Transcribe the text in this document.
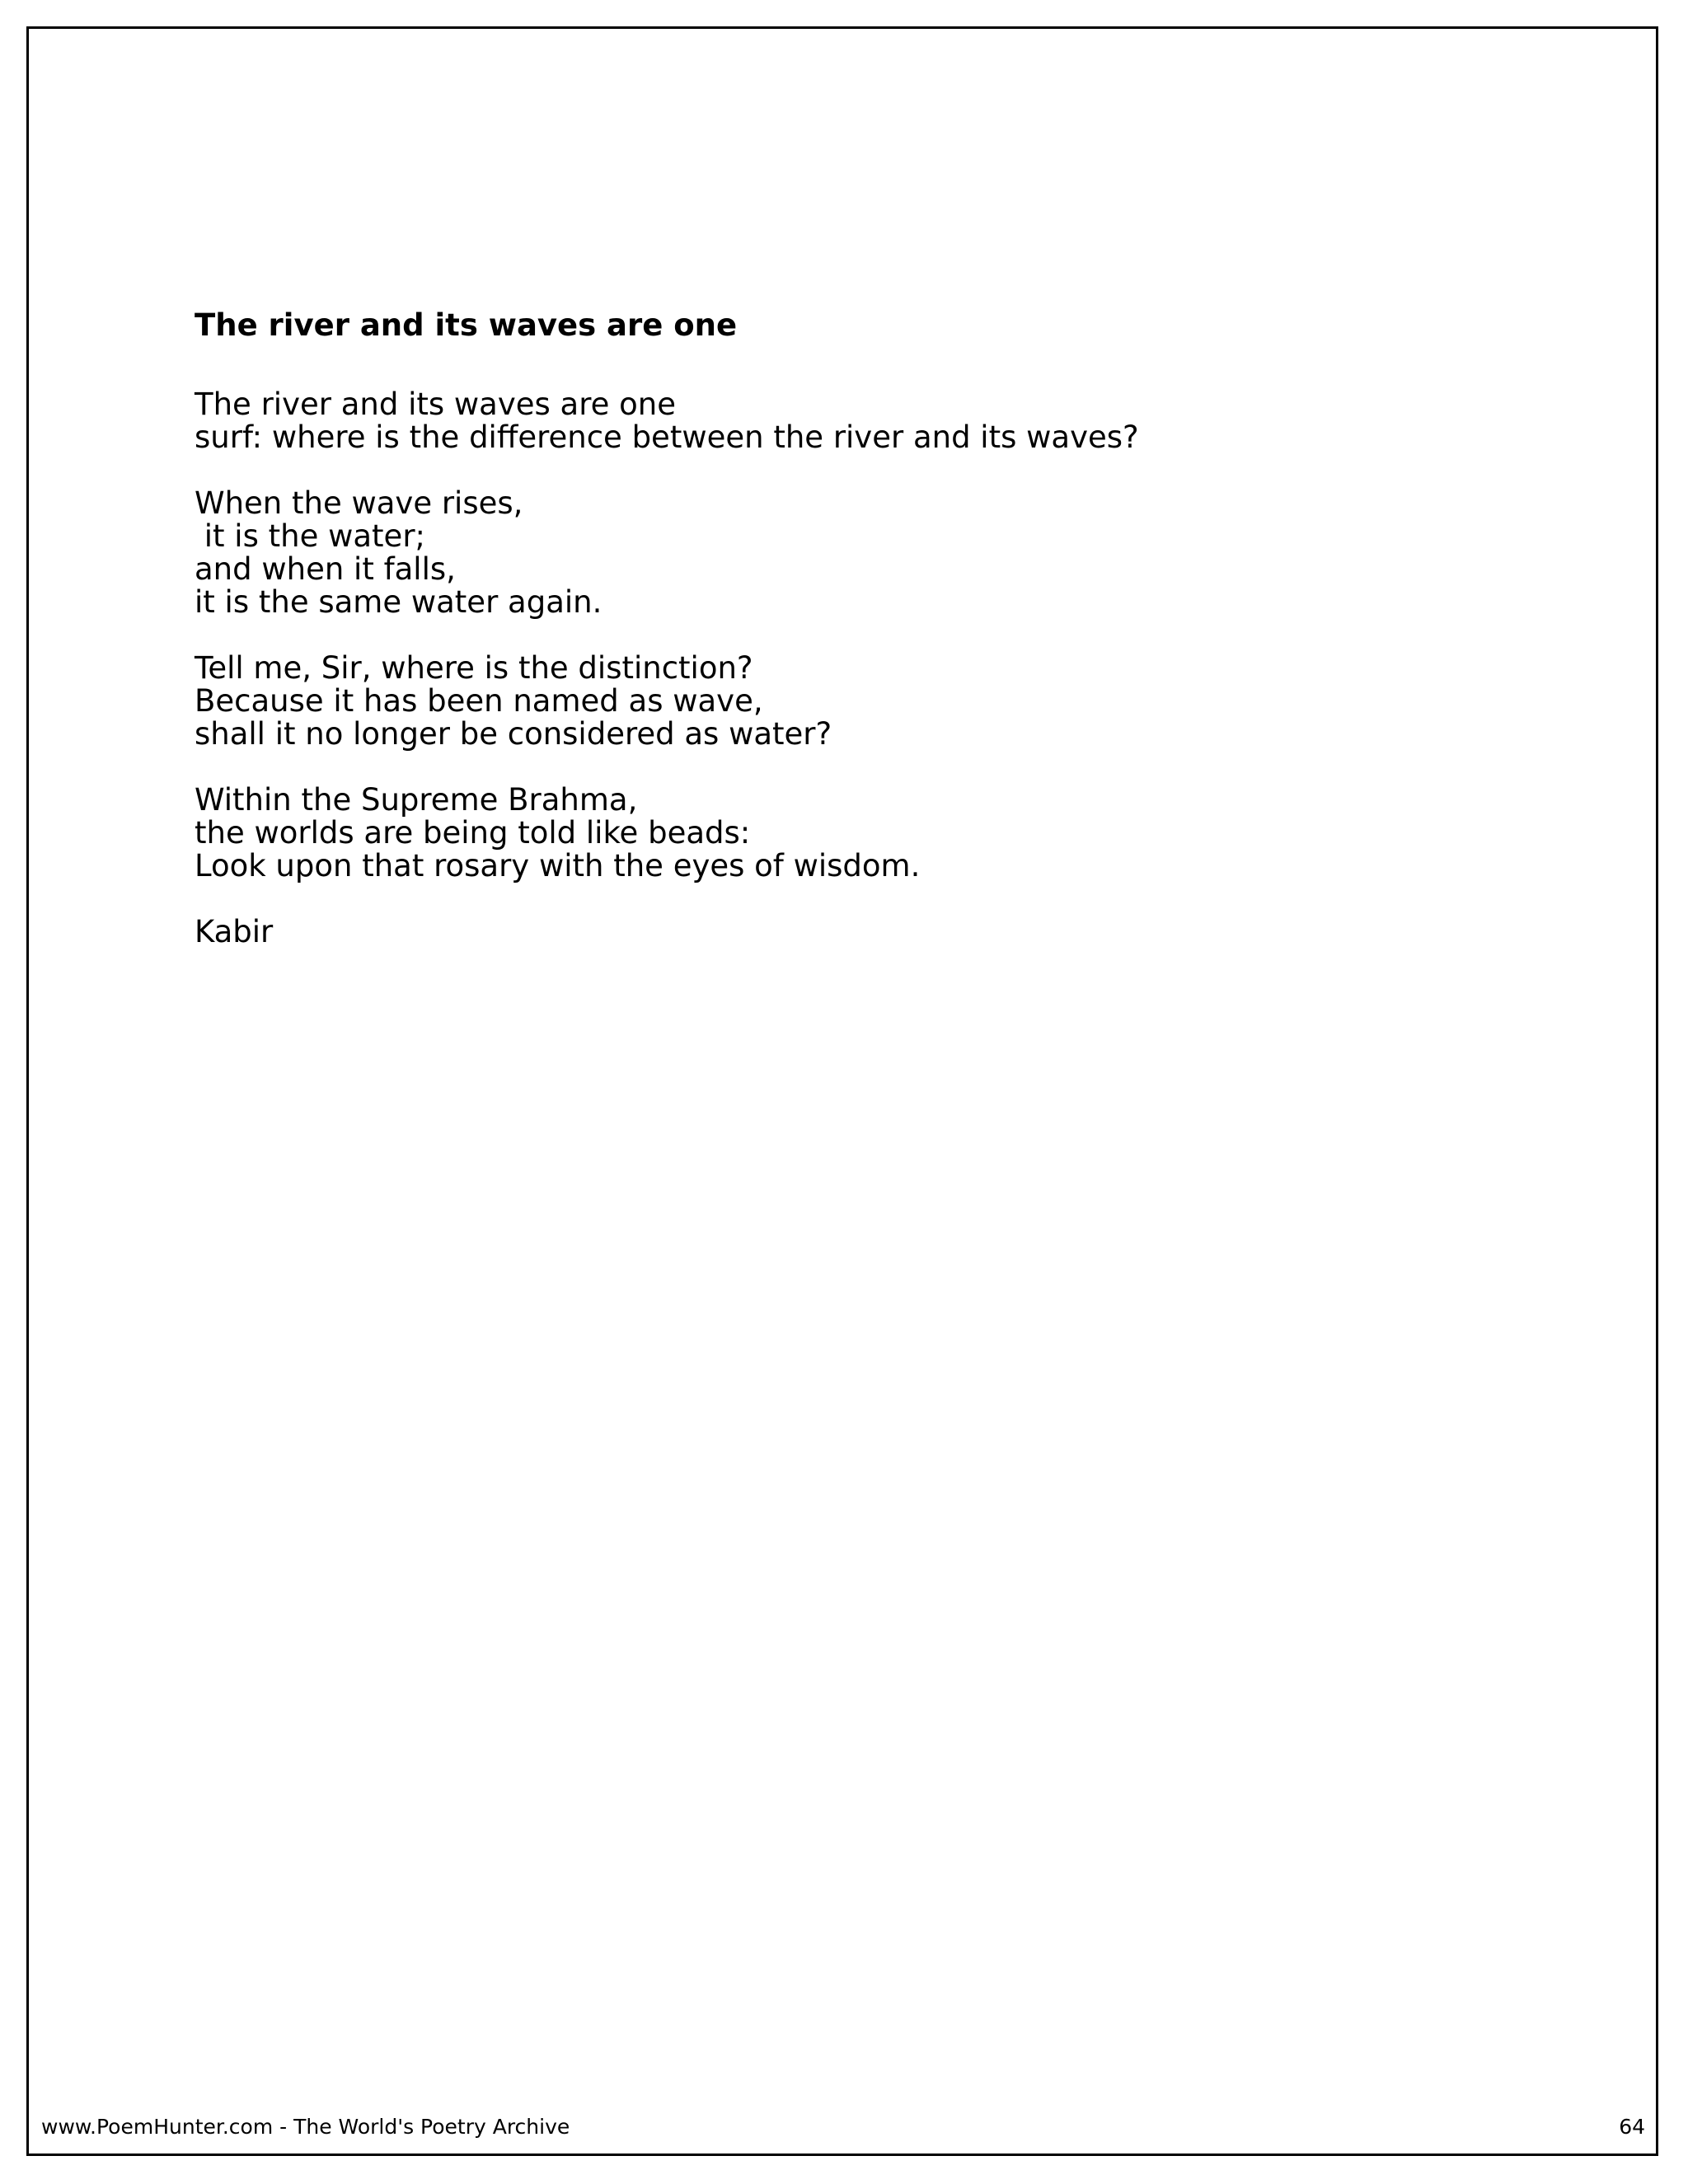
The river and its waves are one
The river and its waves are one
surf: where is the difference between the river and its waves?
When the wave rises,
it is the water;
and when it falls,
it is the same water again.
Tell me, Sir, where is the distinction?
Because it has been named as wave,
shall it no longer be considered as water?
Within the Supreme Brahma,
the worlds are being told like beads:
Look upon that rosary with the eyes of wisdom.

Kabir

www.PoemHunter.com - The World's Poetry Archive	64
